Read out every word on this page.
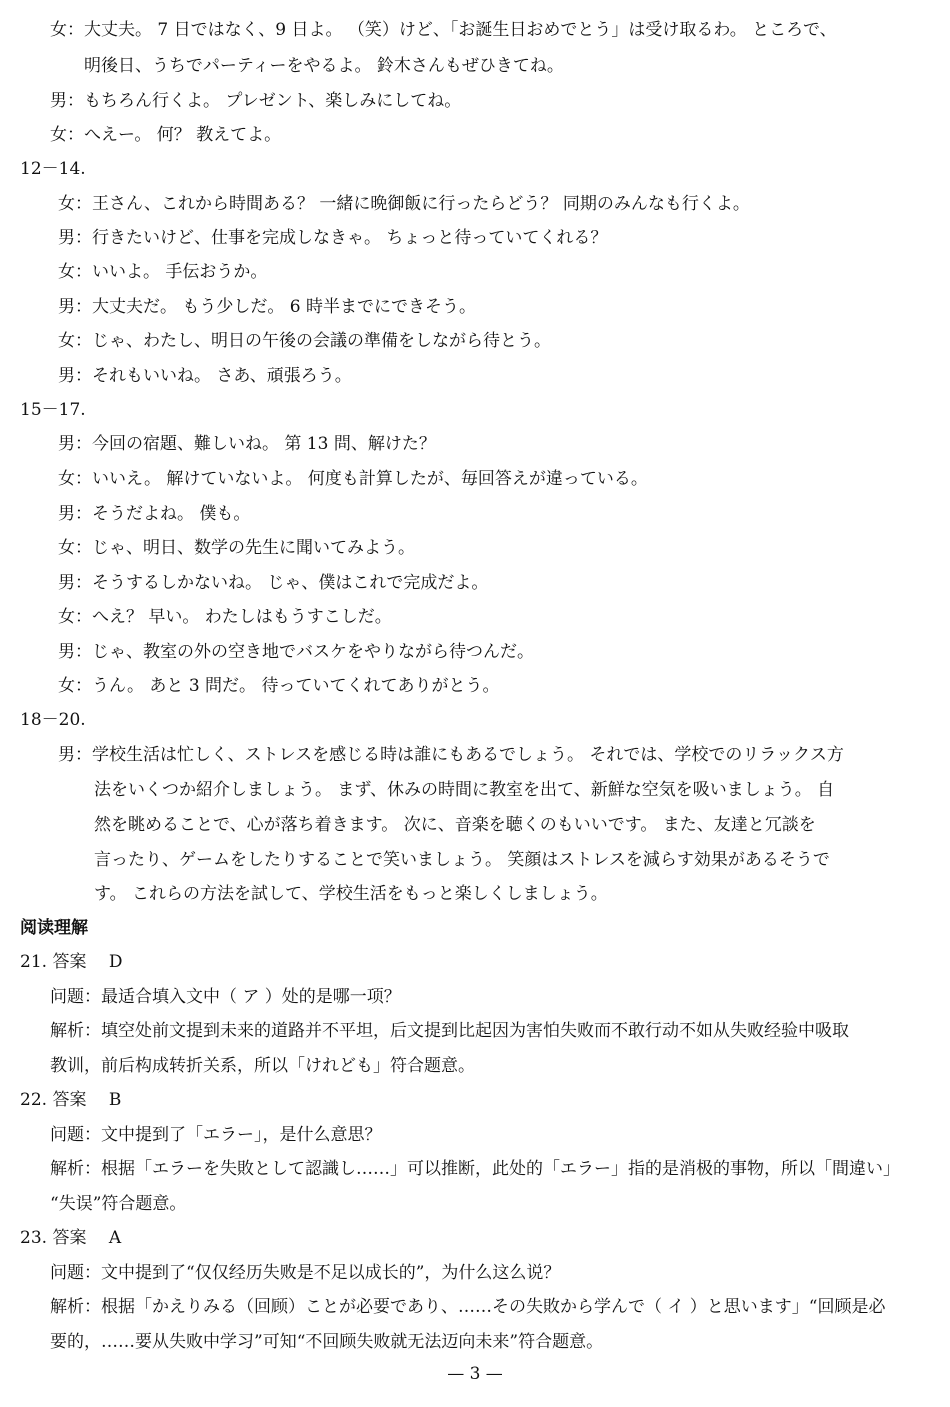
女：大丈夫。 7 日ではなく、9 日よ。 （笑）けど、「お誕生日おめでとう」は受け取るわ。 ところで、
明後日、うちでパーティーをやるよ。 鈴木さんもぜひきてね。
男：もちろん行くよ。 プレゼント、楽しみにしてね。
女：へえー。 何？ 教えてよ。
12－14.
女：王さん、これから時間ある？ 一緒に晩御飯に行ったらどう？ 同期のみんなも行くよ。
男：行きたいけど、仕事を完成しなきゃ。 ちょっと待っていてくれる？
女：いいよ。 手伝おうか。
男：大丈夫だ。 もう少しだ。 6 時半までにできそう。
女：じゃ、わたし、明日の午後の会議の準備をしながら待とう。
男：それもいいね。 さあ、頑張ろう。
15－17.
男：今回の宿題、難しいね。 第 13 問、解けた？
女：いいえ。 解けていないよ。 何度も計算したが、毎回答えが違っている。
男：そうだよね。 僕も。
女：じゃ、明日、数学の先生に聞いてみよう。
男：そうするしかないね。 じゃ、僕はこれで完成だよ。
女：へえ？ 早い。 わたしはもうすこしだ。
男：じゃ、教室の外の空き地でバスケをやりながら待つんだ。
女：うん。 あと 3 問だ。 待っていてくれてありがとう。
18－20.
男：学校生活は忙しく、ストレスを感じる時は誰にもあるでしょう。 それでは、学校でのリラックス方
法をいくつか紹介しましょう。 まず、休みの時間に教室を出て、新鮮な空気を吸いましょう。 自
然を眺めることで、心が落ち着きます。 次に、音楽を聴くのもいいです。 また、友達と冗談を
言ったり、ゲームをしたりすることで笑いましょう。 笑顔はストレスを減らす効果があるそうで
す。 これらの方法を試して、学校生活をもっと楽しくしましょう。
阅读理解
21. 答案　 D
问题：最适合填入文中（ ア ）处的是哪一项？
解析：填空处前文提到未来的道路并不平坦，后文提到比起因为害怕失败而不敢行动不如从失败经验中吸取
教训，前后构成转折关系，所以「けれども」符合题意。
22. 答案　 B
问题：文中提到了「エラー」，是什么意思？
解析：根据「エラーを失敗として認識し……」可以推断，此处的「エラー」指的是消极的事物，所以「間違い」
“失误”符合题意。
23. 答案　 A
问题：文中提到了“仅仅经历失败是不足以成长的”，为什么这么说？
解析：根据「かえりみる（回顾）ことが必要であり、……その失敗から学んで（ イ ）と思います」“回顾是必
要的，……要从失败中学习”可知“不回顾失败就无法迈向未来”符合题意。
— 3 —
